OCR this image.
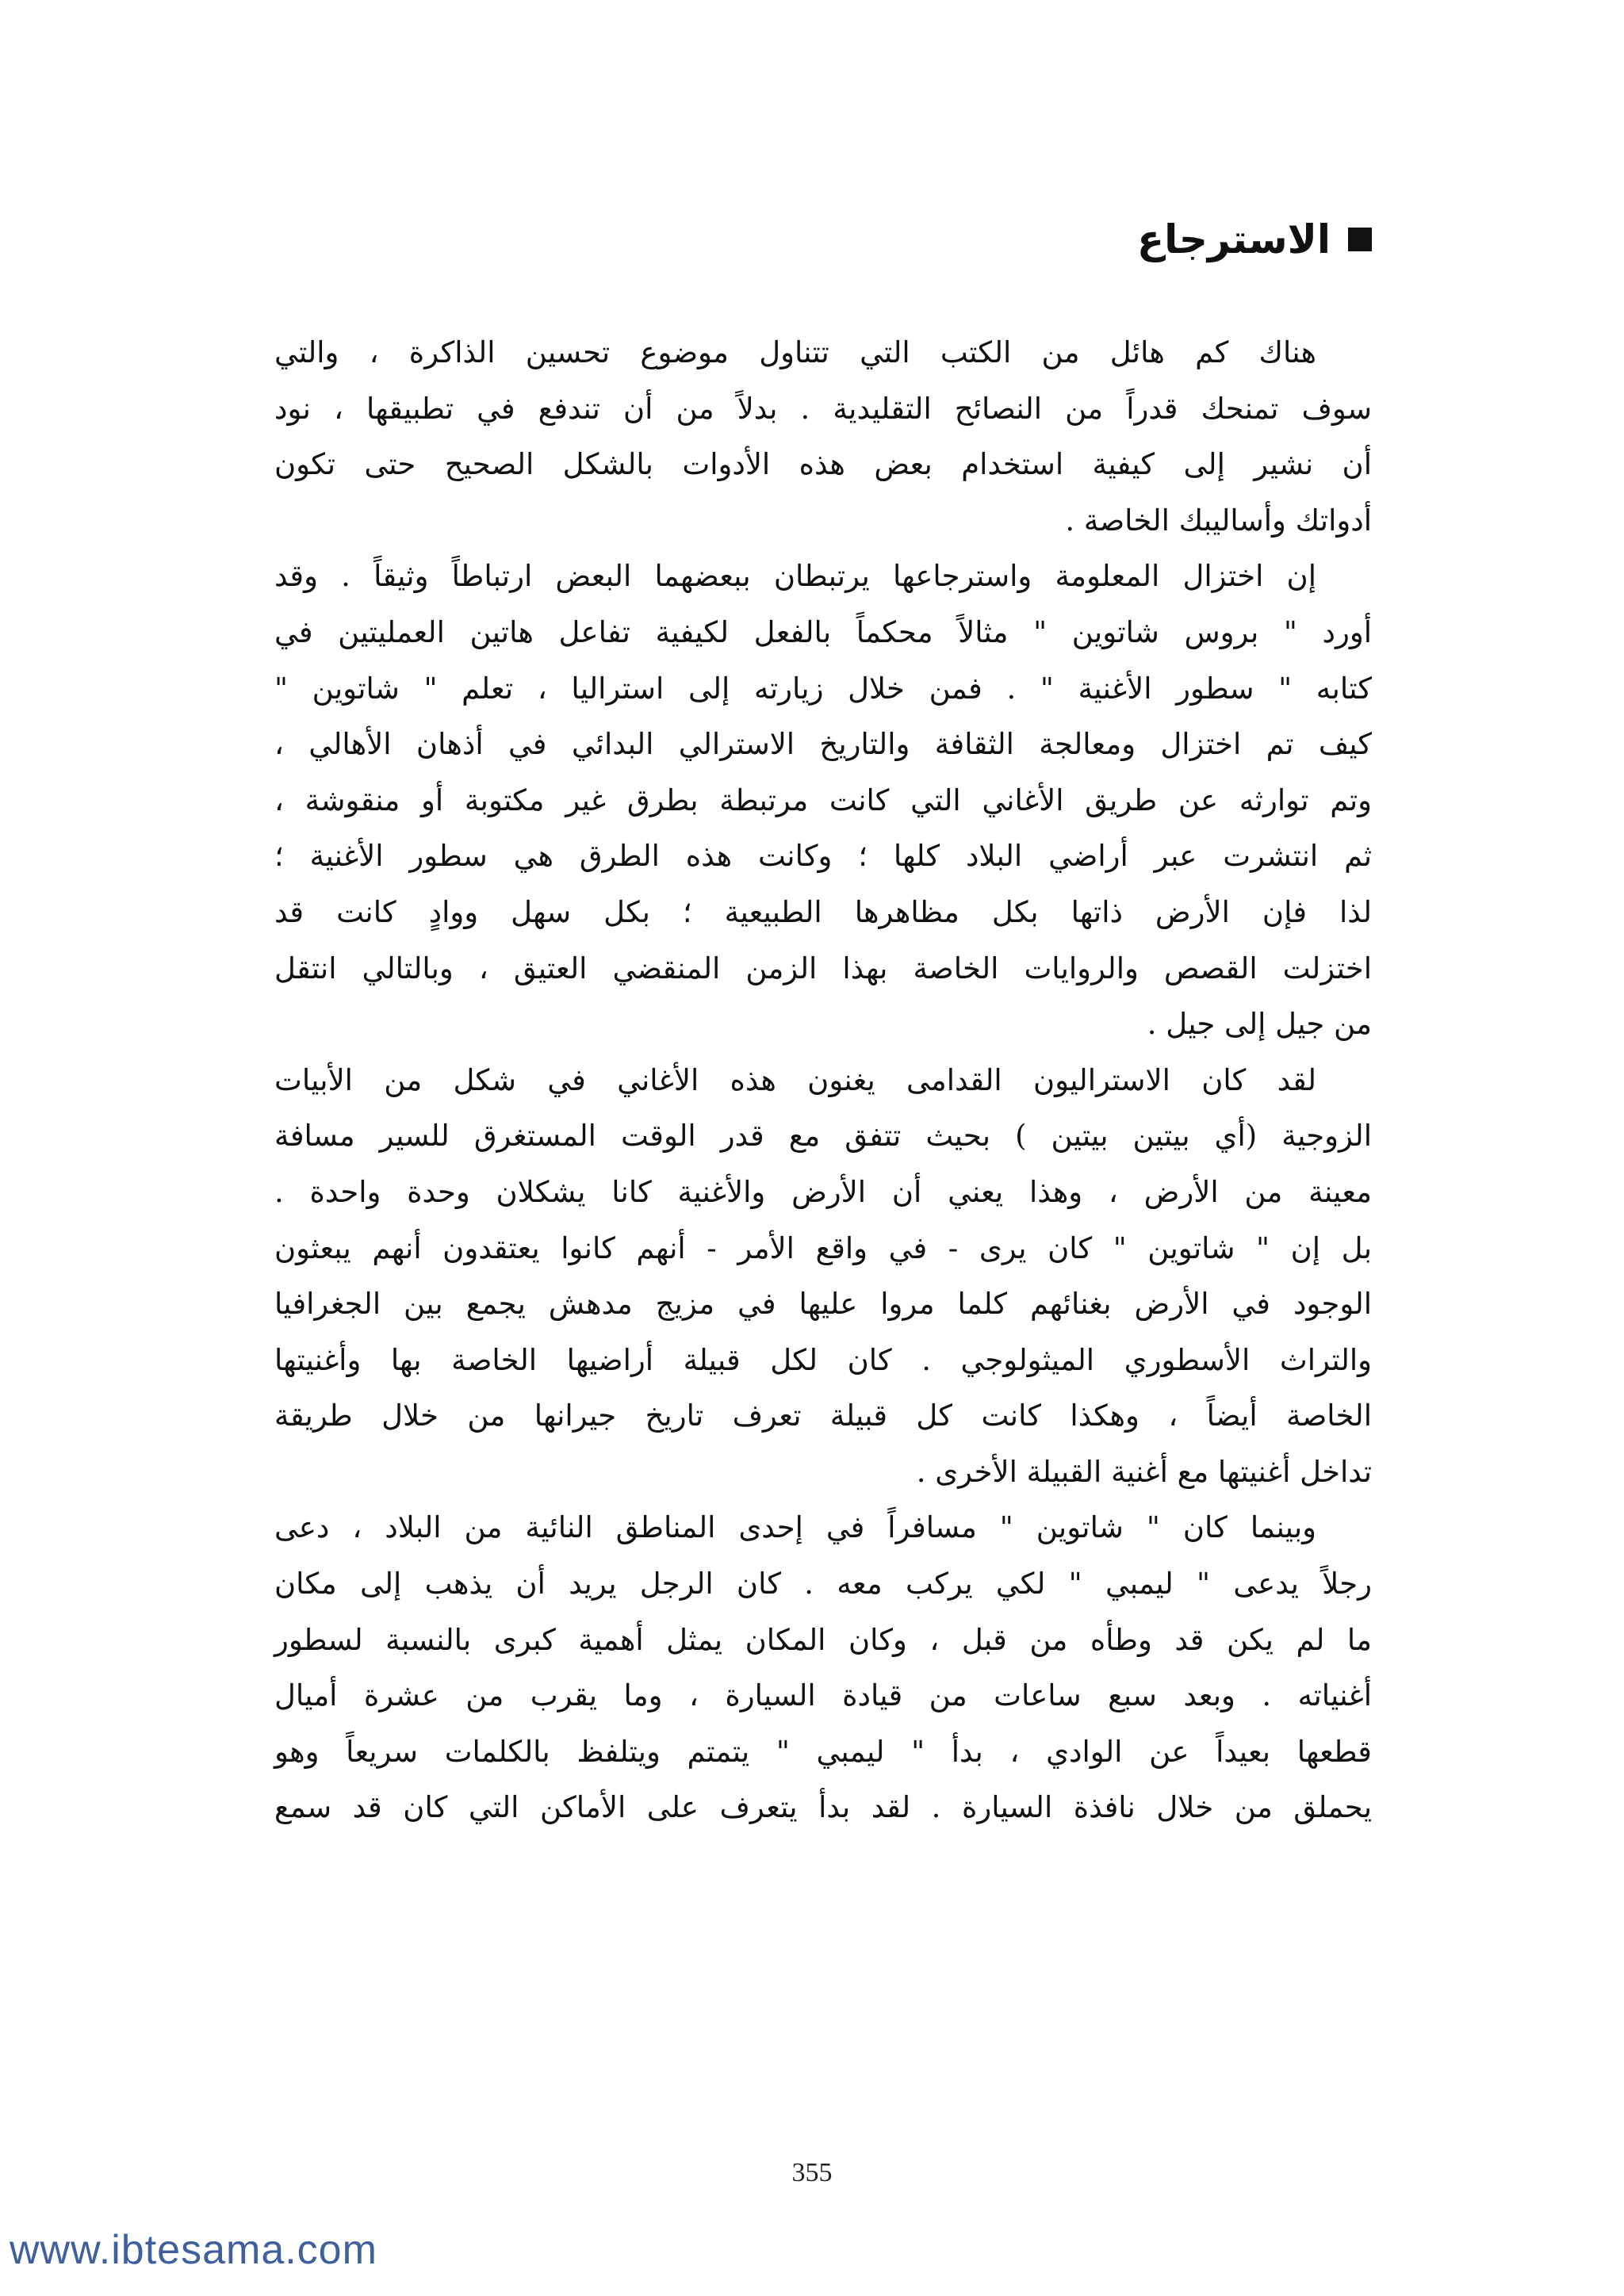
الاسترجاع
هناك كم هائل من الكتب التي تتناول موضوع تحسين الذاكرة ، والتي
سوف تمنحك قدراً من النصائح التقليدية . بدلاً من أن تندفع في تطبيقها ، نود
أن نشير إلى كيفية استخدام بعض هذه الأدوات بالشكل الصحيح حتى تكون
أدواتك وأساليبك الخاصة .
إن اختزال المعلومة واسترجاعها يرتبطان ببعضهما البعض ارتباطاً وثيقاً . وقد
أورد " بروس شاتوين " مثالاً محكماً بالفعل لكيفية تفاعل هاتين العمليتين في
كتابه " سطور الأغنية " . فمن خلال زيارته إلى استراليا ، تعلم " شاتوين "
كيف تم اختزال ومعالجة الثقافة والتاريخ الاسترالي البدائي في أذهان الأهالي ،
وتم توارثه عن طريق الأغاني التي كانت مرتبطة بطرق غير مكتوبة أو منقوشة ،
ثم انتشرت عبر أراضي البلاد كلها ؛ وكانت هذه الطرق هي سطور الأغنية ؛
لذا فإن الأرض ذاتها بكل مظاهرها الطبيعية ؛ بكل سهل ووادٍ كانت قد
اختزلت القصص والروايات الخاصة بهذا الزمن المنقضي العتيق ، وبالتالي انتقل
من جيل إلى جيل .
لقد كان الاستراليون القدامى يغنون هذه الأغاني في شكل من الأبيات
الزوجية (أي بيتين بيتين ) بحيث تتفق مع قدر الوقت المستغرق للسير مسافة
معينة من الأرض ، وهذا يعني أن الأرض والأغنية كانا يشكلان وحدة واحدة .
بل إن " شاتوين " كان يرى - في واقع الأمر - أنهم كانوا يعتقدون أنهم يبعثون
الوجود في الأرض بغنائهم كلما مروا عليها في مزيج مدهش يجمع بين الجغرافيا
والتراث الأسطوري الميثولوجي . كان لكل قبيلة أراضيها الخاصة بها وأغنيتها
الخاصة أيضاً ، وهكذا كانت كل قبيلة تعرف تاريخ جيرانها من خلال طريقة
تداخل أغنيتها مع أغنية القبيلة الأخرى .
وبينما كان " شاتوين " مسافراً في إحدى المناطق النائية من البلاد ، دعى
رجلاً يدعى " ليمبي " لكي يركب معه . كان الرجل يريد أن يذهب إلى مكان
ما لم يكن قد وطأه من قبل ، وكان المكان يمثل أهمية كبرى بالنسبة لسطور
أغنياته . وبعد سبع ساعات من قيادة السيارة ، وما يقرب من عشرة أميال
قطعها بعيداً عن الوادي ، بدأ " ليمبي " يتمتم ويتلفظ بالكلمات سريعاً وهو
يحملق من خلال نافذة السيارة . لقد بدأ يتعرف على الأماكن التي كان قد سمع
355
www.ibtesama.com
